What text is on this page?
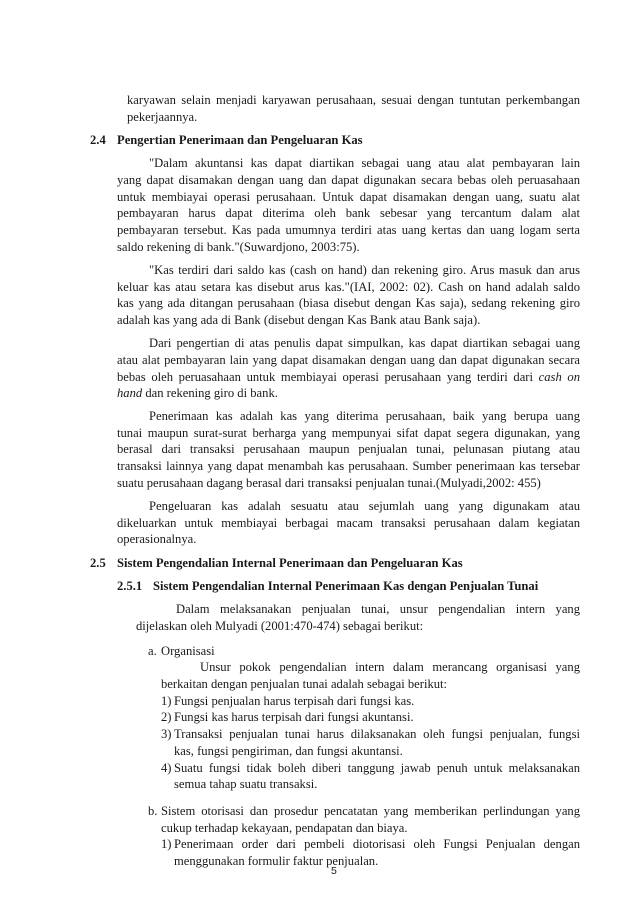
karyawan selain menjadi karyawan perusahaan, sesuai dengan tuntutan perkembangan
pekerjaannya.
2.4 Pengertian Penerimaan dan Pengeluaran Kas
"Dalam akuntansi kas dapat diartikan sebagai uang atau alat pembayaran lain
yang dapat disamakan dengan uang dan dapat digunakan secara bebas oleh peruasahaan
untuk membiayai operasi perusahaan. Untuk dapat disamakan dengan uang, suatu alat
pembayaran harus dapat diterima oleh bank sebesar yang tercantum dalam alat
pembayaran tersebut. Kas pada umumnya terdiri atas uang kertas dan uang logam serta
saldo rekening di bank."(Suwardjono, 2003:75).
"Kas terdiri dari saldo kas (cash on hand) dan rekening giro. Arus masuk dan arus
keluar kas atau setara kas disebut arus kas."(IAI, 2002: 02). Cash on hand adalah saldo
kas yang ada ditangan perusahaan (biasa disebut dengan Kas saja), sedang rekening giro
adalah kas yang ada di Bank (disebut dengan Kas Bank atau Bank saja).
Dari pengertian di atas penulis dapat simpulkan, kas dapat diartikan sebagai uang
atau alat pembayaran lain yang dapat disamakan dengan uang dan dapat digunakan secara
bebas oleh peruasahaan untuk membiayai operasi perusahaan yang terdiri dari cash on
hand dan rekening giro di bank.
Penerimaan kas adalah kas yang diterima perusahaan, baik yang berupa uang
tunai maupun surat-surat berharga yang mempunyai sifat dapat segera digunakan, yang
berasal dari transaksi perusahaan maupun penjualan tunai, pelunasan piutang atau
transaksi lainnya yang dapat menambah kas perusahaan. Sumber penerimaan kas tersebar
suatu perusahaan dagang berasal dari transaksi penjualan tunai.(Mulyadi,2002: 455)
Pengeluaran kas adalah sesuatu atau sejumlah uang yang digunakam atau
dikeluarkan untuk membiayai berbagai macam transaksi perusahaan dalam kegiatan
operasionalnya.
2.5 Sistem Pengendalian Internal Penerimaan dan Pengeluaran Kas
2.5.1 Sistem Pengendalian Internal Penerimaan Kas dengan Penjualan Tunai
Dalam melaksanakan penjualan tunai, unsur pengendalian intern yang
dijelaskan oleh Mulyadi (2001:470-474) sebagai berikut:
a. Organisasi
Unsur pokok pengendalian intern dalam merancang organisasi yang
berkaitan dengan penjualan tunai adalah sebagai berikut:
1) Fungsi penjualan harus terpisah dari fungsi kas.
2) Fungsi kas harus terpisah dari fungsi akuntansi.
3) Transaksi penjualan tunai harus dilaksanakan oleh fungsi penjualan, fungsi
kas, fungsi pengiriman, dan fungsi akuntansi.
4) Suatu fungsi tidak boleh diberi tanggung jawab penuh untuk melaksanakan
semua tahap suatu transaksi.
b. Sistem otorisasi dan prosedur pencatatan yang memberikan perlindungan yang
cukup terhadap kekayaan, pendapatan dan biaya.
1) Penerimaan order dari pembeli diotorisasi oleh Fungsi Penjualan dengan
menggunakan formulir faktur penjualan.
5
